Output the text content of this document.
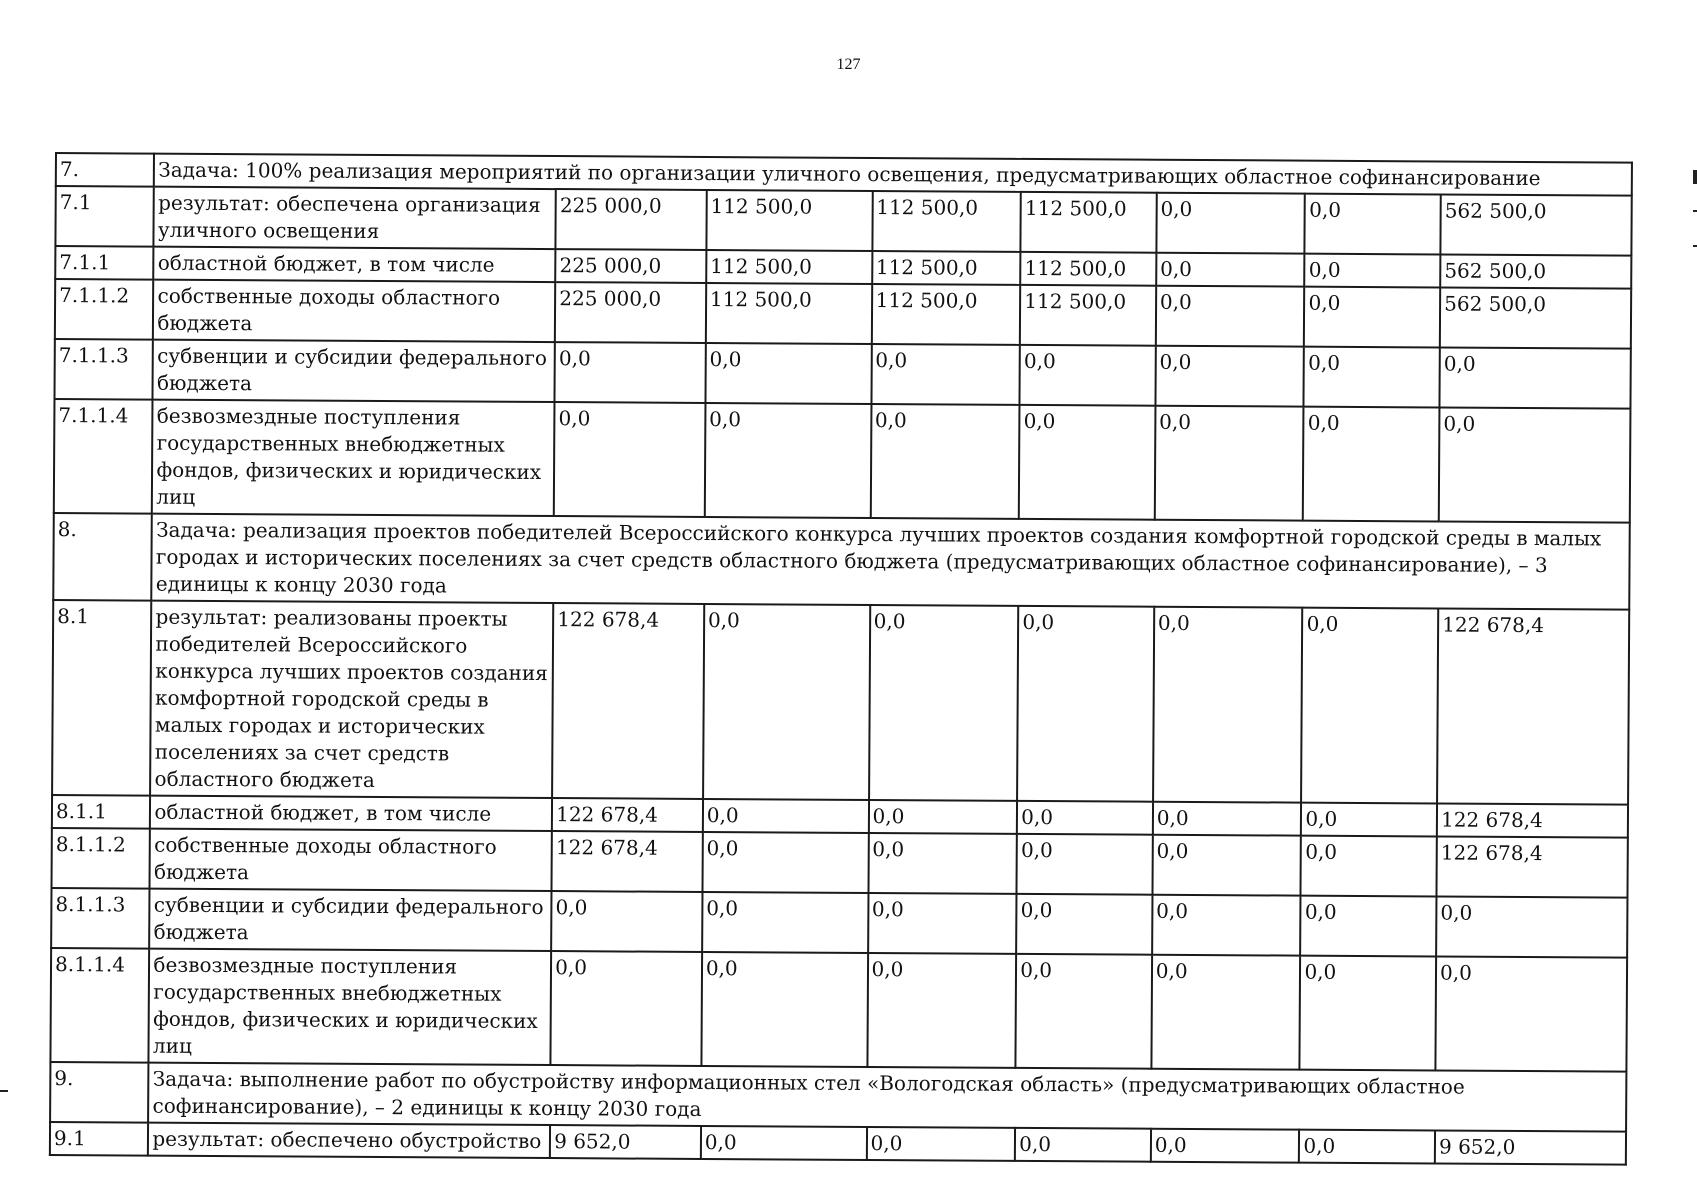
127
7.	Задача: 100% реализация мероприятий по организации уличного освещения, предусматривающих областное софинансирование							
7.1	результат: обеспечена организация уличного освещения	225 000,0	112 500,0	112 500,0	112 500,0	0,0	0,0	562 500,0
7.1.1	областной бюджет, в том числе	225 000,0	112 500,0	112 500,0	112 500,0	0,0	0,0	562 500,0
7.1.1.2	собственные доходы областного бюджета	225 000,0	112 500,0	112 500,0	112 500,0	0,0	0,0	562 500,0
7.1.1.3	субвенции и субсидии федерального бюджета	0,0	0,0	0,0	0,0	0,0	0,0	0,0
7.1.1.4	безвозмездные поступления государственных внебюджетных фондов, физических и юридических лиц	0,0	0,0	0,0	0,0	0,0	0,0	0,0
8.	Задача: реализация проектов победителей Всероссийского конкурса лучших проектов создания комфортной городской среды в малых городах и исторических поселениях за счет средств областного бюджета (предусматривающих областное софинансирование), – 3 единицы к концу 2030 года							
8.1	результат: реализованы проекты победителей Всероссийского конкурса лучших проектов создания комфортной городской среды в малых городах и исторических поселениях за счет средств областного бюджета	122 678,4	0,0	0,0	0,0	0,0	0,0	122 678,4
8.1.1	областной бюджет, в том числе	122 678,4	0,0	0,0	0,0	0,0	0,0	122 678,4
8.1.1.2	собственные доходы областного бюджета	122 678,4	0,0	0,0	0,0	0,0	0,0	122 678,4
8.1.1.3	субвенции и субсидии федерального бюджета	0,0	0,0	0,0	0,0	0,0	0,0	0,0
8.1.1.4	безвозмездные поступления государственных внебюджетных фондов, физических и юридических лиц	0,0	0,0	0,0	0,0	0,0	0,0	0,0
9.	Задача: выполнение работ по обустройству информационных стел «Вологодская область» (предусматривающих областное софинансирование), – 2 единицы к концу 2030 года							
9.1	результат: обеспечено обустройство	9 652,0	0,0	0,0	0,0	0,0	0,0	9 652,0
